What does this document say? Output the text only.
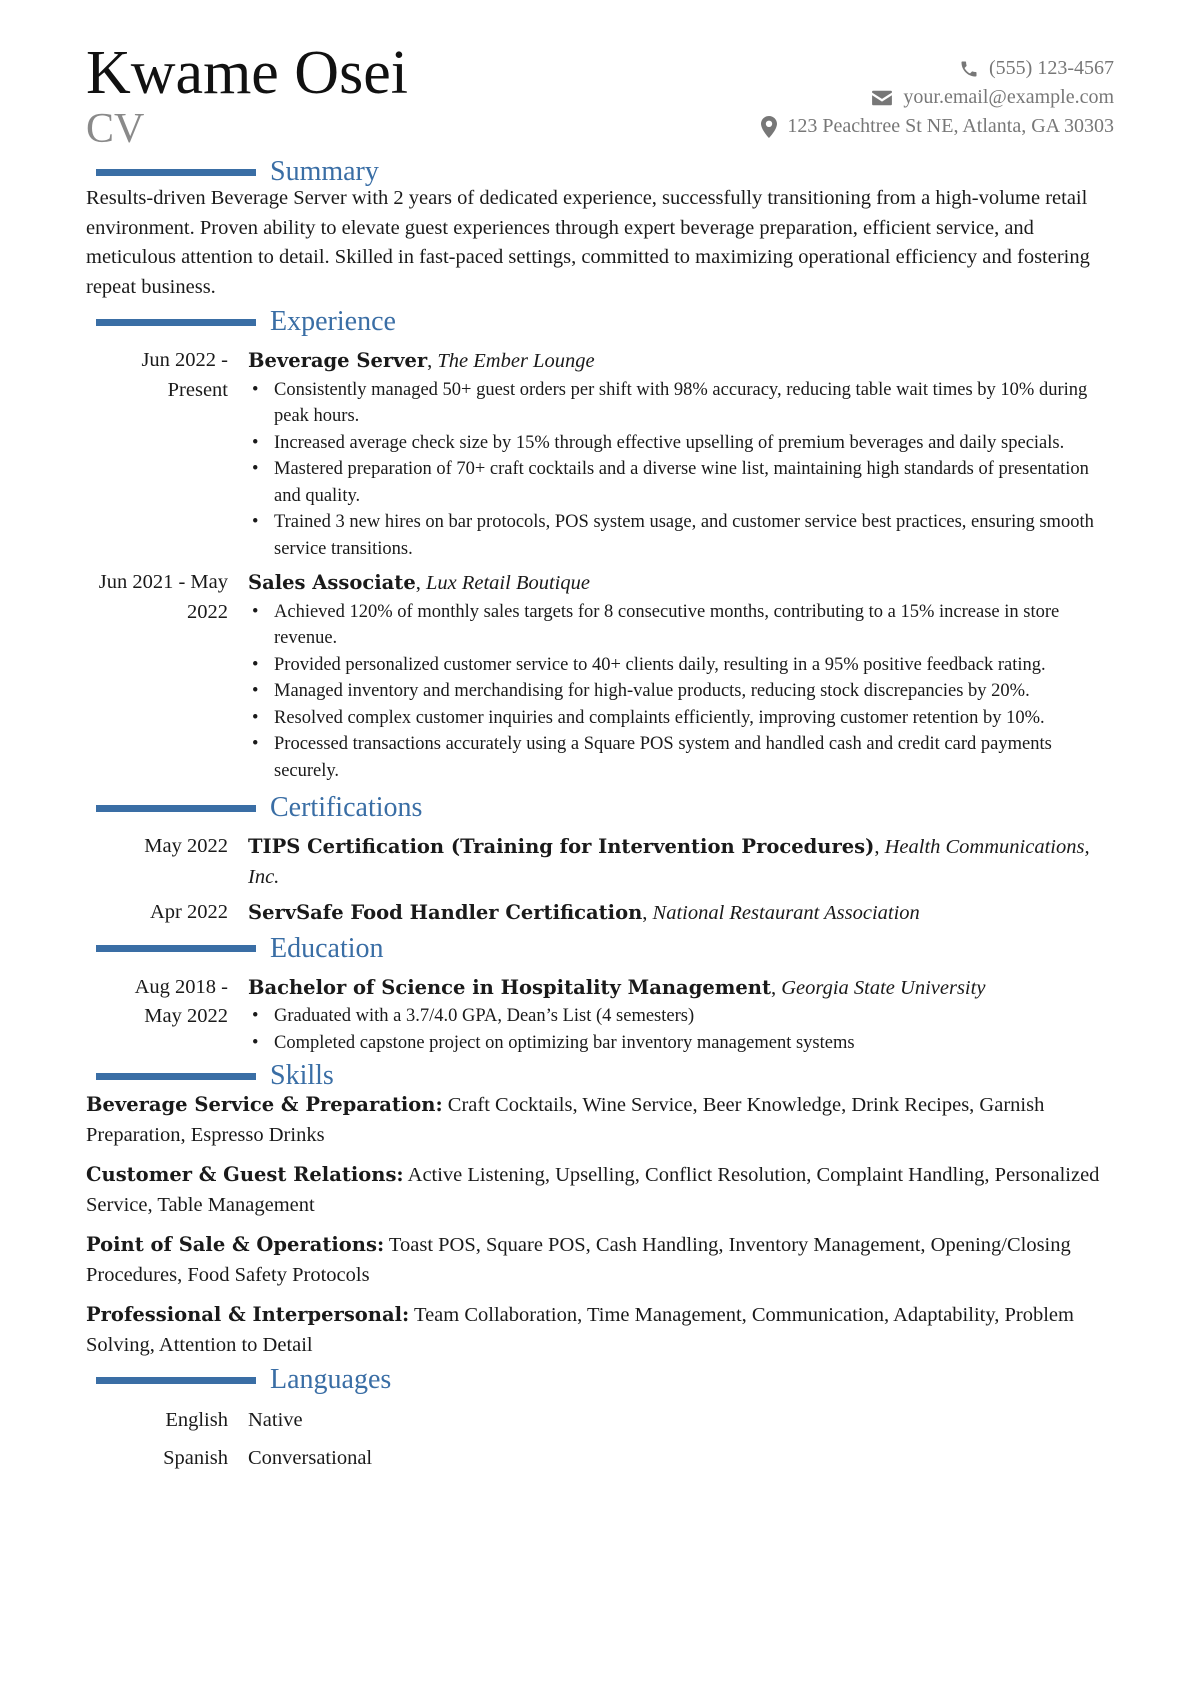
Kwame Osei
CV
(555) 123-4567
your.email@example.com
123 Peachtree St NE, Atlanta, GA 30303
Summary

Results-driven Beverage Server with 2 years of dedicated experience, successfully transitioning from a high-volume retail environment. Proven ability to elevate guest experiences through expert beverage preparation, efficient service, and meticulous attention to detail. Skilled in fast-paced settings, committed to maximizing operational efficiency and fostering repeat business.

Experience
Jun 2022 - Present
Beverage Server, The Ember Lounge
• Consistently managed 50+ guest orders per shift with 98% accuracy, reducing table wait times by 10% during peak hours.
• Increased average check size by 15% through effective upselling of premium beverages and daily specials.
• Mastered preparation of 70+ craft cocktails and a diverse wine list, maintaining high standards of presentation and quality.
• Trained 3 new hires on bar protocols, POS system usage, and customer service best practices, ensuring smooth service transitions.
Jun 2021 - May 2022
Sales Associate, Lux Retail Boutique
• Achieved 120% of monthly sales targets for 8 consecutive months, contributing to a 15% increase in store revenue.
• Provided personalized customer service to 40+ clients daily, resulting in a 95% positive feedback rating.
• Managed inventory and merchandising for high-value products, reducing stock discrepancies by 20%.
• Resolved complex customer inquiries and complaints efficiently, improving customer retention by 10%.
• Processed transactions accurately using a Square POS system and handled cash and credit card payments securely.
Certifications
May 2022	TIPS Certification (Training for Intervention Procedures), Health Communications, Inc.
Apr 2022	ServSafe Food Handler Certification, National Restaurant Association
Education
Aug 2018 - May 2022
Bachelor of Science in Hospitality Management, Georgia State University
• Graduated with a 3.7/4.0 GPA, Dean’s List (4 semesters)
• Completed capstone project on optimizing bar inventory management systems
Skills

Beverage Service & Preparation: Craft Cocktails, Wine Service, Beer Knowledge, Drink Recipes, Garnish Preparation, Espresso Drinks

Customer & Guest Relations: Active Listening, Upselling, Conflict Resolution, Complaint Handling, Personalized Service, Table Management

Point of Sale & Operations: Toast POS, Square POS, Cash Handling, Inventory Management, Opening/Closing Procedures, Food Safety Protocols

Professional & Interpersonal: Team Collaboration, Time Management, Communication, Adaptability, Problem Solving, Attention to Detail

Languages
English Native
Spanish Conversational
